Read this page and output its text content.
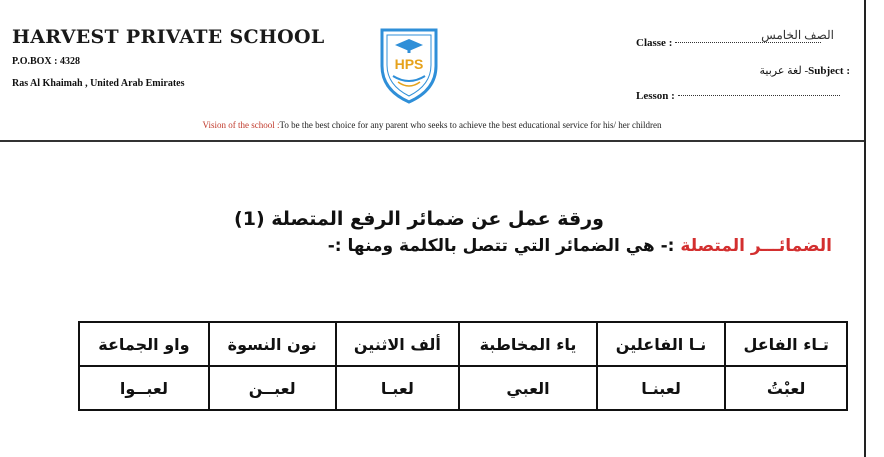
HARVEST PRIVATE SCHOOL
P.O.BOX : 4328
Ras Al Khaimah , United Arab Emirates
HPS
Classe :
الصف الخامس
لغة عربية -Subject :
Lesson :
Vision of the school :To be the best choice for any parent who seeks to achieve the best educational service for his/ her children
ورقة عمل عن ضمائر الرفع المتصلة (1)
الضمائـــر المتصلة :- هي الضمائر التي تتصل بالكلمة ومنها :-
تـاء الفاعل	نـا الفاعلين	ياء المخاطبة	ألف الاثنين	نون النسوة	واو الجماعة
لعبْتُ	لعبنـا	العبي	لعبـا	لعبــن	لعبــوا
